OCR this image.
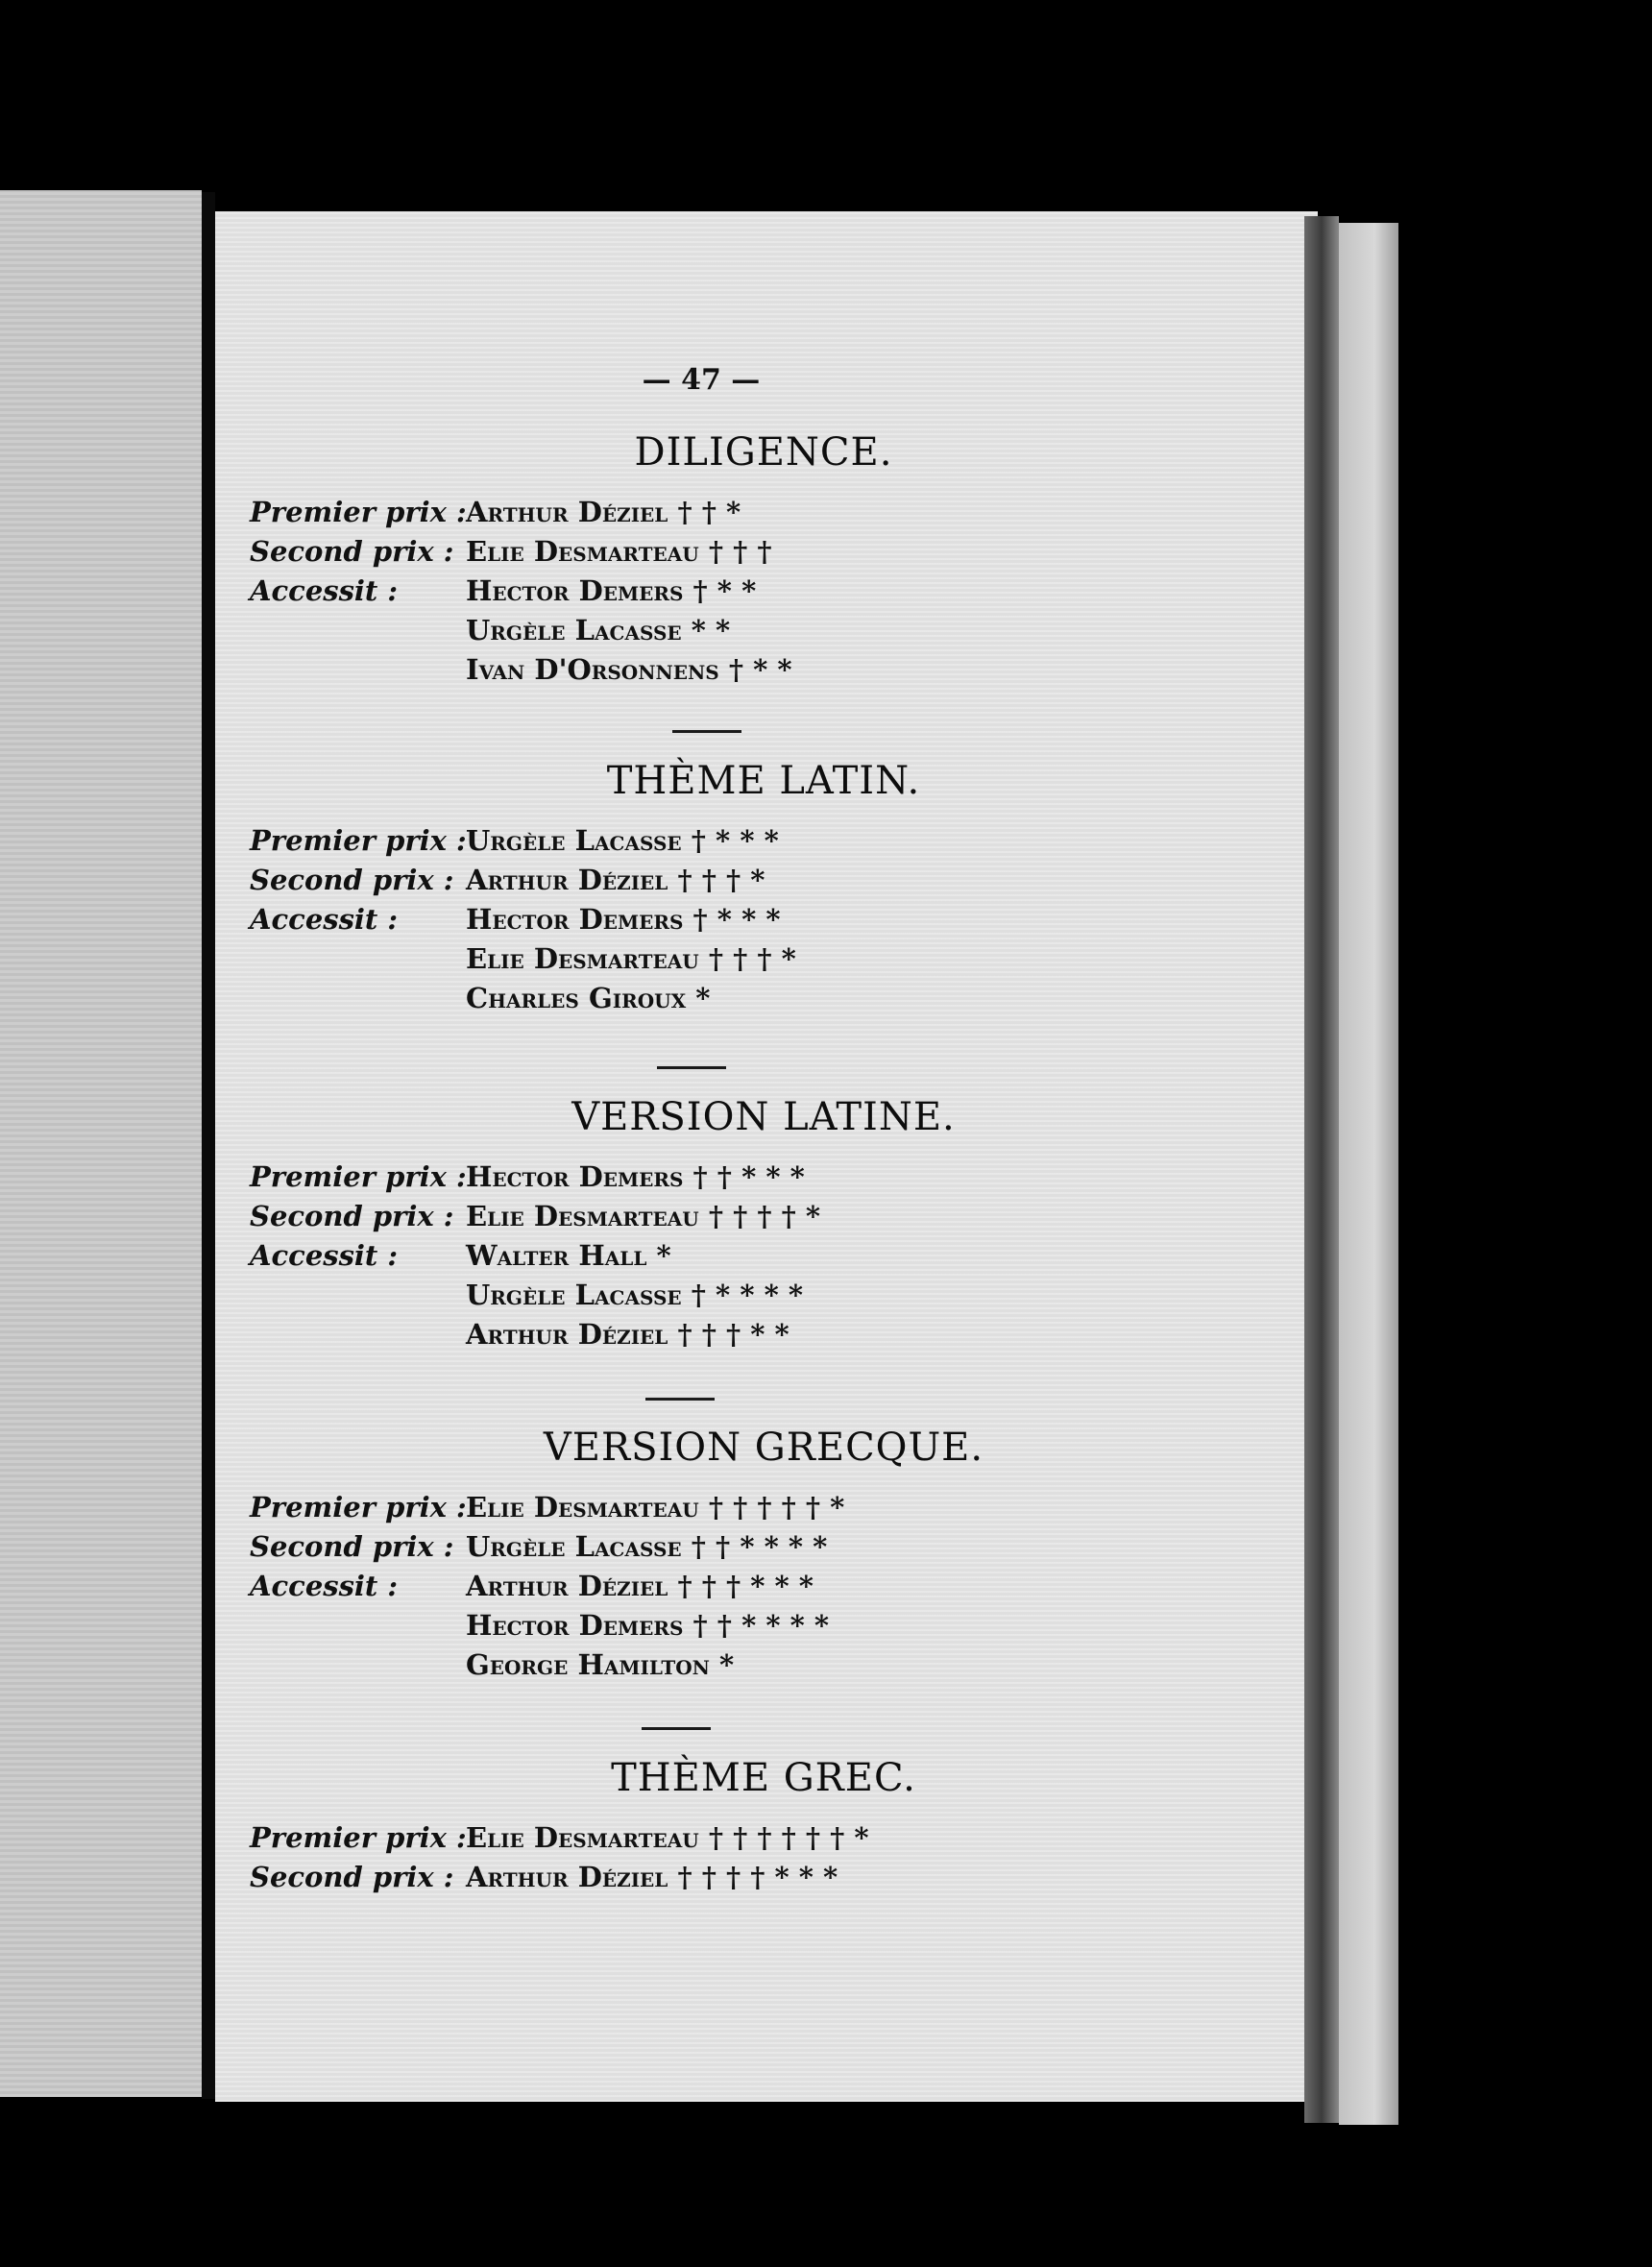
— 47 —
DILIGENCE.
Premier prix : Arthur Déziel † † *
Second prix : Elie Desmarteau † † †
Accessit :	Hector Demers † * *
Urgèle Lacasse * *
Ivan D'Orsonnens † * *
THÈME LATIN.
Premier prix : Urgèle Lacasse † * * *
Second prix : Arthur Déziel † † † *
Accessit :	Hector Demers † * * *
Elie Desmarteau † † † *
Charles Giroux *
VERSION LATINE.
Premier prix : Hector Demers † † * * *
Second prix : Elie Desmarteau † † † † *
Accessit :	Walter Hall *
Urgèle Lacasse † * * * *
Arthur Déziel † † † * *
VERSION GRECQUE.
Premier prix : Elie Desmarteau † † † † † *
Second prix : Urgèle Lacasse † † * * * *
Accessit :	Arthur Déziel † † † * * *
Hector Demers † † * * * *
George Hamilton *
THÈME GREC.
Premier prix : Elie Desmarteau † † † † † † *
Second prix : Arthur Déziel † † † † * * *
